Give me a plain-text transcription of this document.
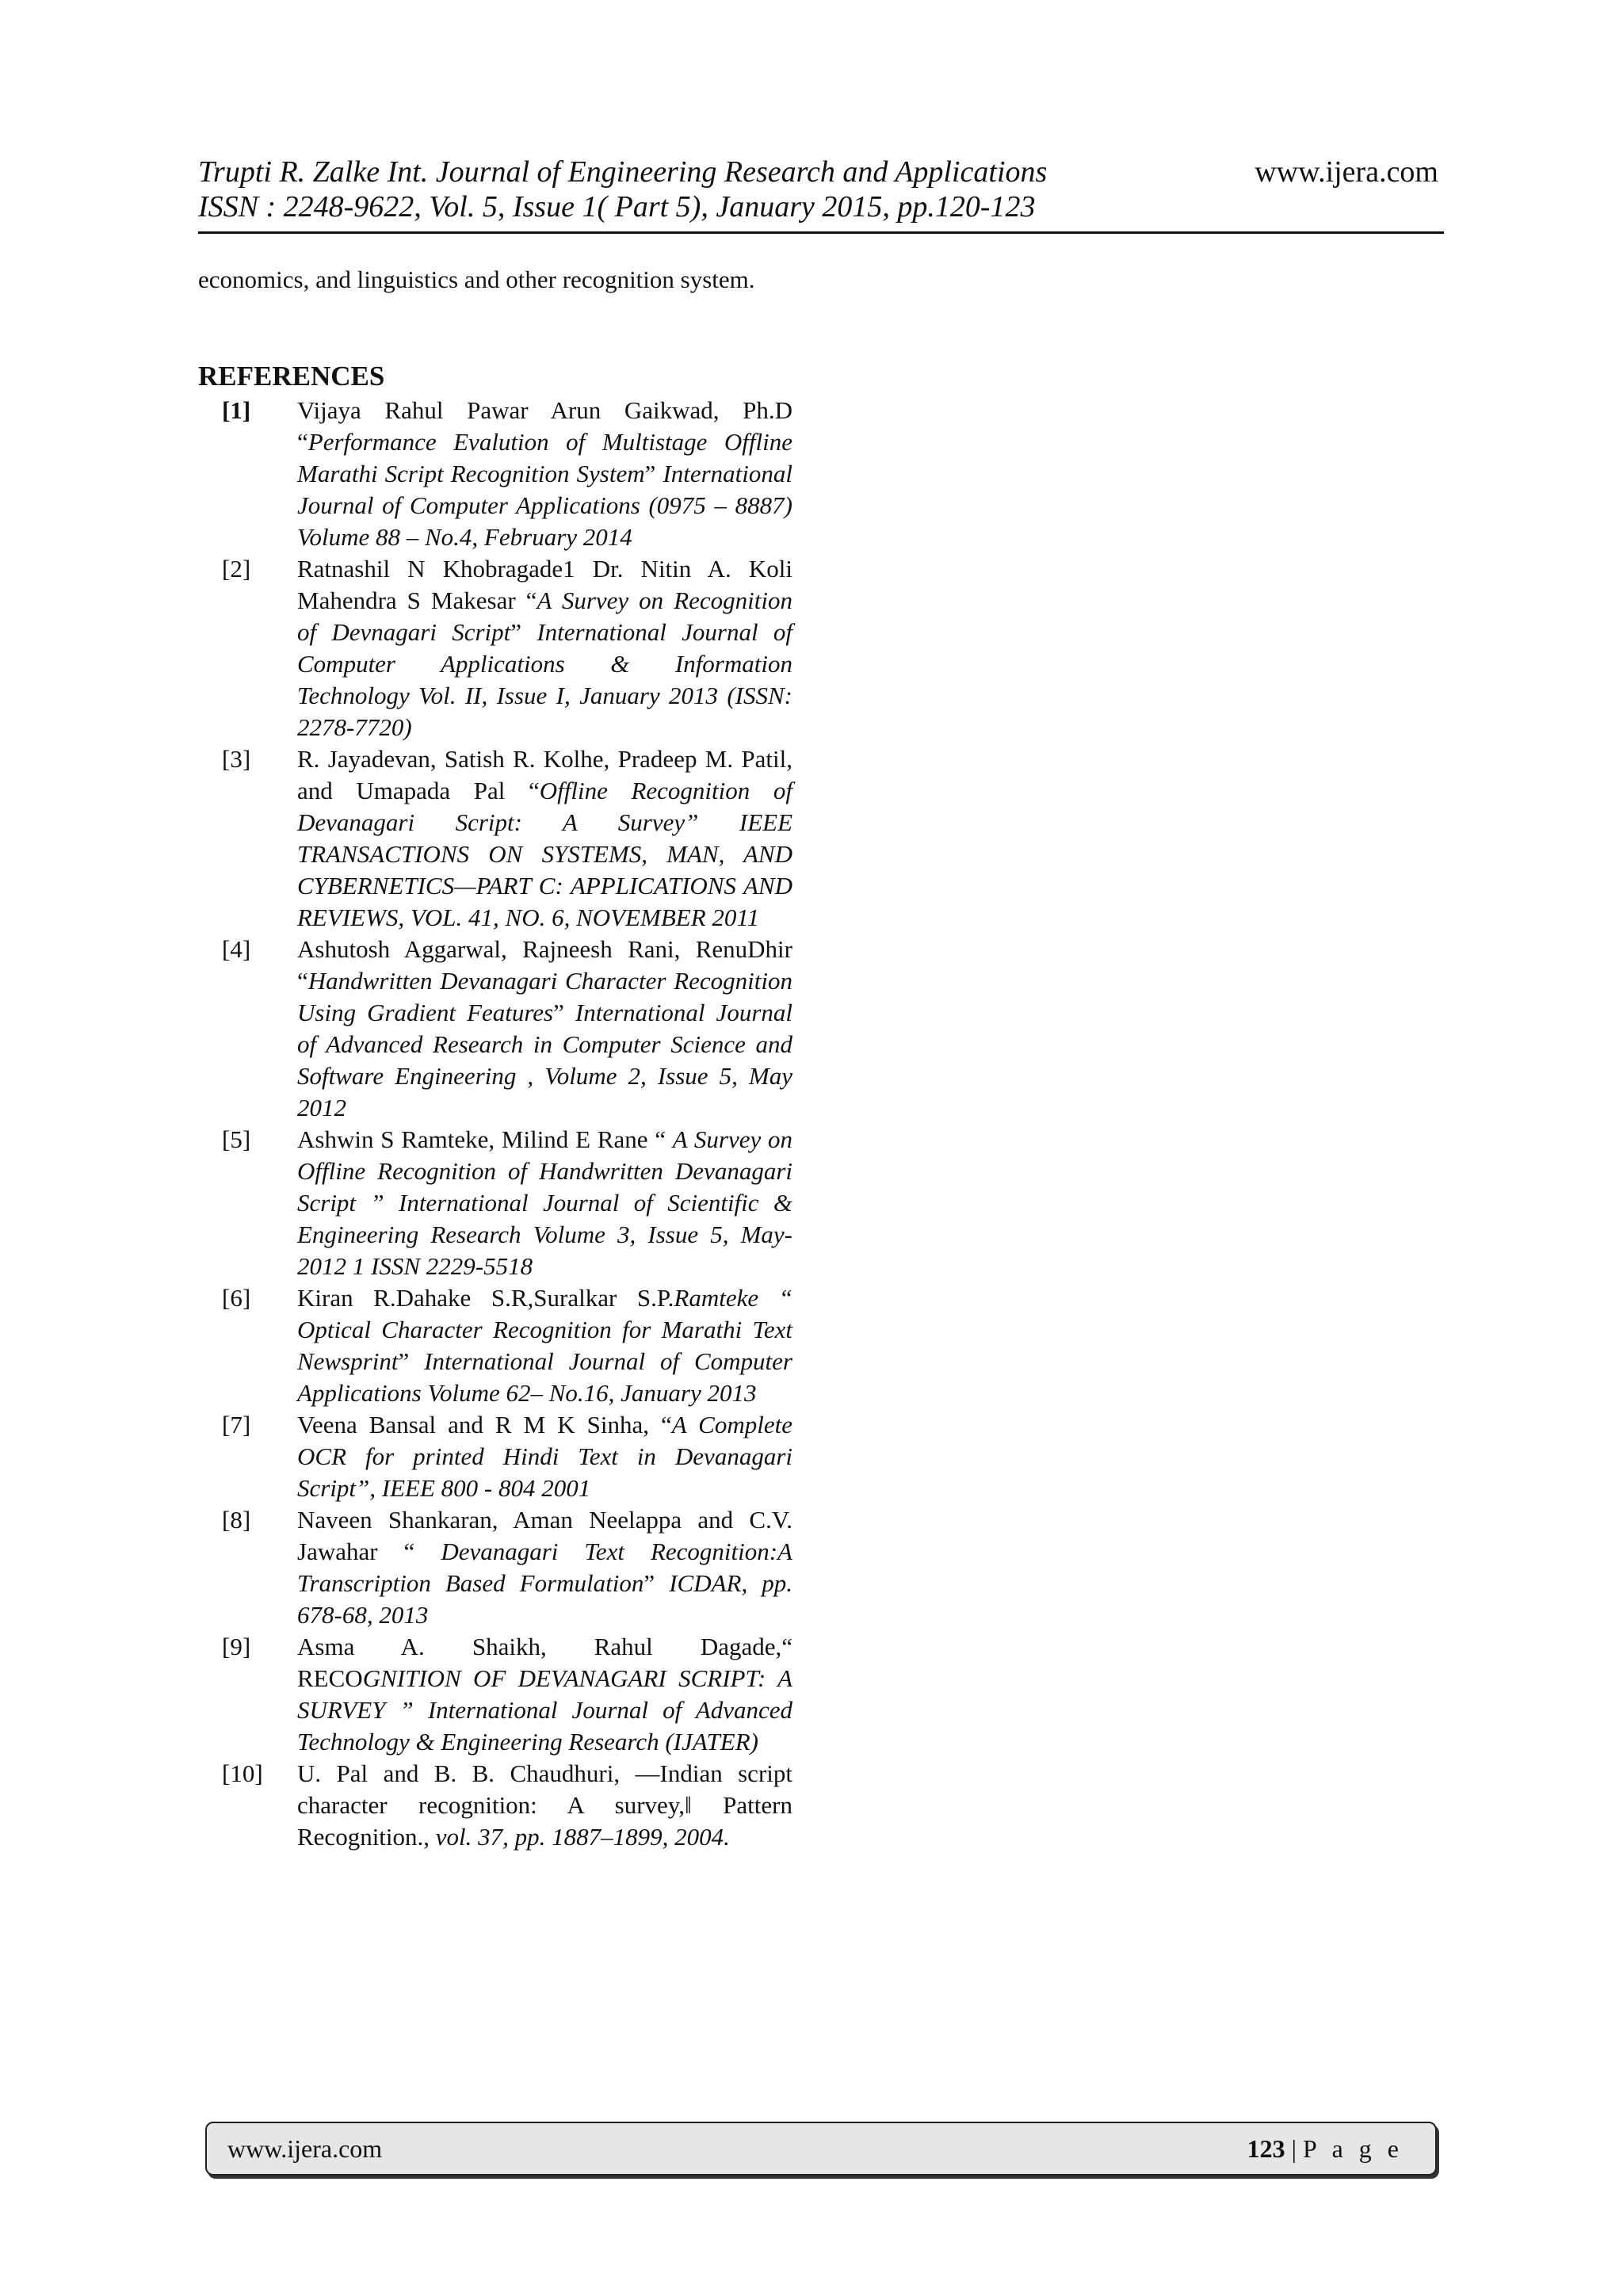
Trupti R. Zalke Int. Journal of Engineering Research and Applications
ISSN : 2248-9622, Vol. 5, Issue 1( Part 5), January 2015, pp.120-123
www.ijera.com
economics, and linguistics and other recognition system.
REFERENCES
[1] Vijaya Rahul Pawar Arun Gaikwad, Ph.D “Performance Evalution of Multistage Offline Marathi Script Recognition System” International Journal of Computer Applications (0975 – 8887) Volume 88 – No.4, February 2014
[2] Ratnashil N Khobragade1 Dr. Nitin A. Koli Mahendra S Makesar “A Survey on Recognition of Devnagari Script” International Journal of Computer Applications & Information Technology Vol. II, Issue I, January 2013 (ISSN: 2278-7720)
[3] R. Jayadevan, Satish R. Kolhe, Pradeep M. Patil, and Umapada Pal “Offline Recognition of Devanagari Script: A Survey” IEEE TRANSACTIONS ON SYSTEMS, MAN, AND CYBERNETICS—PART C: APPLICATIONS AND REVIEWS, VOL. 41, NO. 6, NOVEMBER 2011
[4] Ashutosh Aggarwal, Rajneesh Rani, RenuDhir “Handwritten Devanagari Character Recognition Using Gradient Features” International Journal of Advanced Research in Computer Science and Software Engineering , Volume 2, Issue 5, May 2012
[5] Ashwin S Ramteke, Milind E Rane “ A Survey on Offline Recognition of Handwritten Devanagari Script ” International Journal of Scientific & Engineering Research Volume 3, Issue 5, May-2012 1 ISSN 2229-5518
[6] Kiran R.Dahake S.R,Suralkar S.P.Ramteke “ Optical Character Recognition for Marathi Text Newsprint” International Journal of Computer Applications Volume 62– No.16, January 2013
[7] Veena Bansal and R M K Sinha, “A Complete OCR for printed Hindi Text in Devanagari Script”, IEEE 800 - 804 2001
[8] Naveen Shankaran, Aman Neelappa and C.V. Jawahar “ Devanagari Text Recognition:A Transcription Based Formulation” ICDAR, pp. 678-68, 2013
[9] Asma A. Shaikh, Rahul Dagade,“ RECOGNITION OF DEVANAGARI SCRIPT: A SURVEY ” International Journal of Advanced Technology & Engineering Research (IJATER)
[10] U. Pal and B. B. Chaudhuri, ―Indian script character recognition: A survey,‖ Pattern Recognition., vol. 37, pp. 1887–1899, 2004.
www.ijera.com	123 | P a g e
